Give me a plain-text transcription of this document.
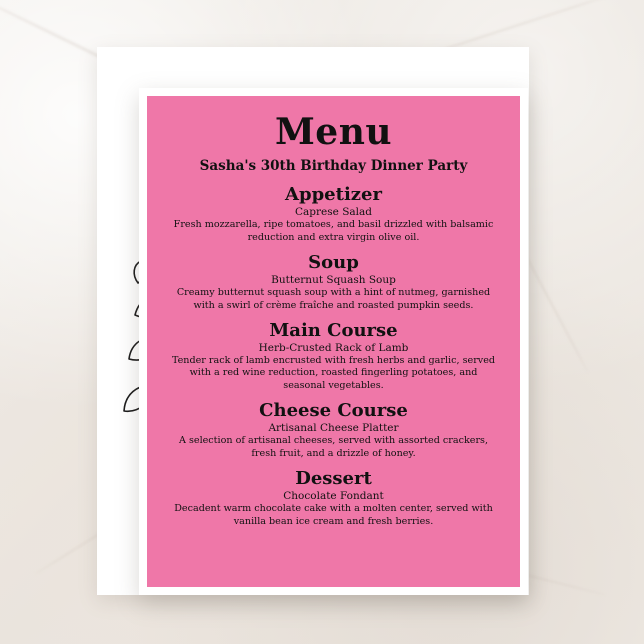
Menu
Sasha's 30th Birthday Dinner Party
Appetizer
Caprese Salad
Fresh mozzarella, ripe tomatoes, and basil drizzled with balsamic reduction and extra virgin olive oil.
Soup
Butternut Squash Soup
Creamy butternut squash soup with a hint of nutmeg, garnished with a swirl of crème fraîche and roasted pumpkin seeds.
Main Course
Herb-Crusted Rack of Lamb
Tender rack of lamb encrusted with fresh herbs and garlic, served with a red wine reduction, roasted fingerling potatoes, and seasonal vegetables.
Cheese Course
Artisanal Cheese Platter
A selection of artisanal cheeses, served with assorted crackers, fresh fruit, and a drizzle of honey.
Dessert
Chocolate Fondant
Decadent warm chocolate cake with a molten center, served with vanilla bean ice cream and fresh berries.
